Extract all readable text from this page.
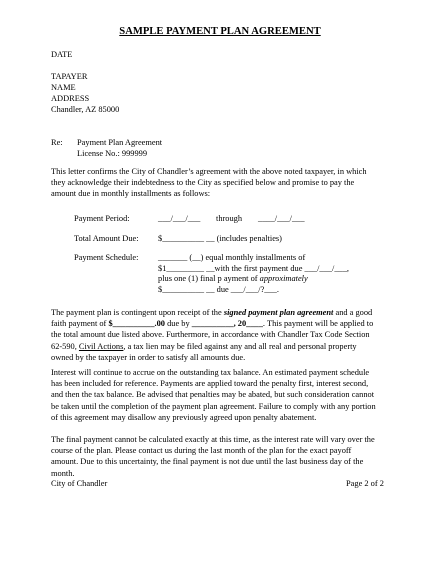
SAMPLE PAYMENT PLAN AGREEMENT
DATE
TAPAYER
NAME
ADDRESS
Chandler, AZ 85000
Re: Payment Plan Agreement
License No.: 999999
This letter confirms the City of Chandler’s agreement with the above noted taxpayer, in which
they acknowledge their indebtedness to the City as specified below and promise to pay the
amount due in monthly installments as follows:
Payment Period:	___/___/___ through ____/___/___
Total Amount Due: $__________ __ (includes penalties)
Payment Schedule: _______ (__) equal monthly installments of
$1_________ __with the first payment due ___/___/___,
plus one (1) final p ayment of approximately
$__________ __ due ___/___/?___.
The payment plan is contingent upon receipt of the signed payment plan agreement and a good
faith payment of $__________.00 due by __________, 20____. This payment will be applied to
the total amount due listed above. Furthermore, in accordance with Chandler Tax Code Section
62-590, Civil Actions, a tax lien may be filed against any and all real and personal property
owned by the taxpayer in order to satisfy all amounts due.
Interest will continue to accrue on the outstanding tax balance. An estimated payment schedule
has been included for reference. Payments are applied toward the penalty first, interest second,
and then the tax balance. Be advised that penalties may be abated, but such consideration cannot
be taken until the completion of the payment plan agreement. Failure to comply with any portion
of this agreement may disallow any previously agreed upon penalty abatement.
The final payment cannot be calculated exactly at this time, as the interest rate will vary over the
course of the plan. Please contact us during the last month of the plan for the exact payoff
amount. Due to this uncertainty, the final payment is not due until the last business day of the
month.
City of Chandler	Page 2 of 2
